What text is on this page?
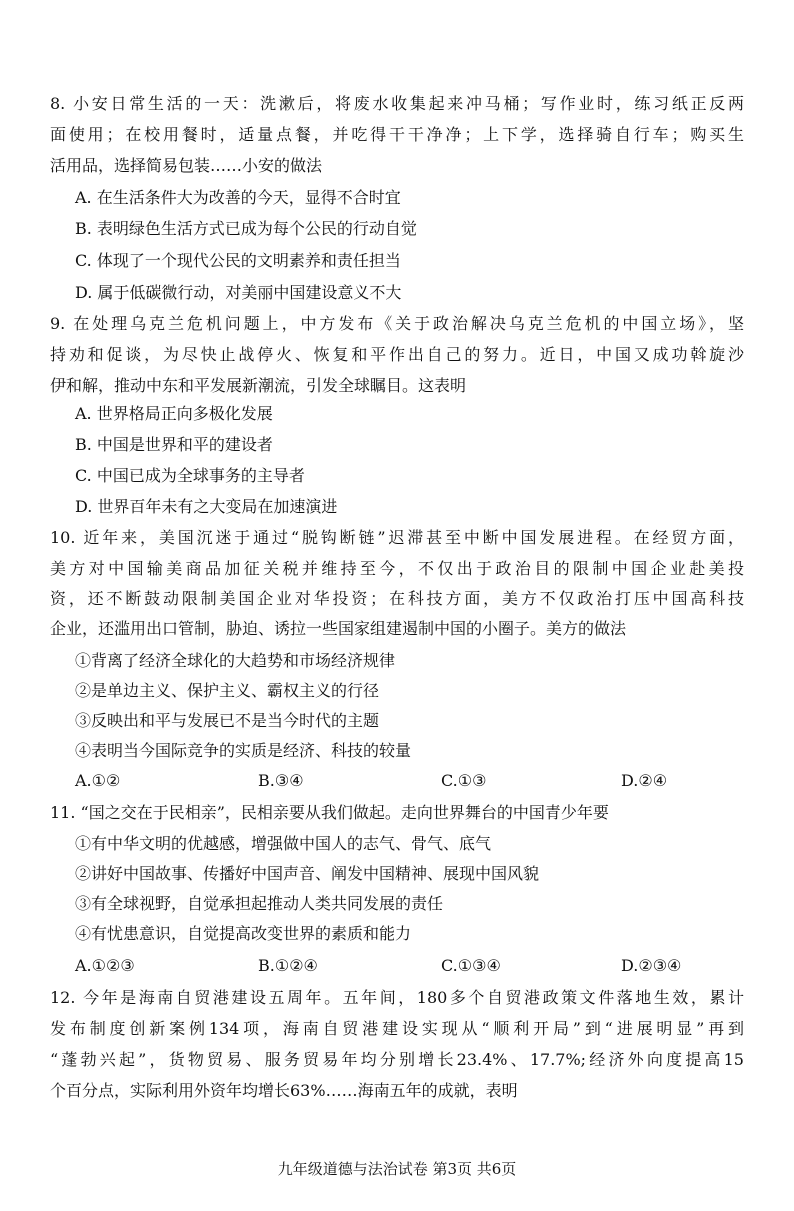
8. 小安日常生活的一天：洗漱后，将废水收集起来冲马桶；写作业时，练习纸正反两
面使用；在校用餐时，适量点餐，并吃得干干净净；上下学，选择骑自行车；购买生
活用品，选择简易包装……小安的做法
A. 在生活条件大为改善的今天，显得不合时宜
B. 表明绿色生活方式已成为每个公民的行动自觉
C. 体现了一个现代公民的文明素养和责任担当
D. 属于低碳微行动，对美丽中国建设意义不大
9. 在处理乌克兰危机问题上，中方发布《关于政治解决乌克兰危机的中国立场》，坚
持劝和促谈，为尽快止战停火、恢复和平作出自己的努力。近日，中国又成功斡旋沙
伊和解，推动中东和平发展新潮流，引发全球瞩目。这表明
A. 世界格局正向多极化发展
B. 中国是世界和平的建设者
C. 中国已成为全球事务的主导者
D. 世界百年未有之大变局在加速演进
10. 近年来，美国沉迷于通过“脱钩断链”迟滞甚至中断中国发展进程。在经贸方面，
美方对中国输美商品加征关税并维持至今，不仅出于政治目的限制中国企业赴美投
资，还不断鼓动限制美国企业对华投资；在科技方面，美方不仅政治打压中国高科技
企业，还滥用出口管制，胁迫、诱拉一些国家组建遏制中国的小圈子。美方的做法
①背离了经济全球化的大趋势和市场经济规律
②是单边主义、保护主义、霸权主义的行径
③反映出和平与发展已不是当今时代的主题
④表明当今国际竞争的实质是经济、科技的较量
A.①②	B.③④	C.①③	D.②④
11. “国之交在于民相亲”，民相亲要从我们做起。走向世界舞台的中国青少年要
①有中华文明的优越感，增强做中国人的志气、骨气、底气
②讲好中国故事、传播好中国声音、阐发中国精神、展现中国风貌
③有全球视野，自觉承担起推动人类共同发展的责任
④有忧患意识，自觉提高改变世界的素质和能力
A.①②③	B.①②④	C.①③④	D.②③④
12. 今年是海南自贸港建设五周年。五年间，180多个自贸港政策文件落地生效，累计
发布制度创新案例134项，海南自贸港建设实现从“顺利开局”到“进展明显”再到
“蓬勃兴起”，货物贸易、服务贸易年均分别增长23.4%、17.7%;经济外向度提高15
个百分点，实际利用外资年均增长63%……海南五年的成就，表明
九年级道德与法治试卷 第3页 共6页
